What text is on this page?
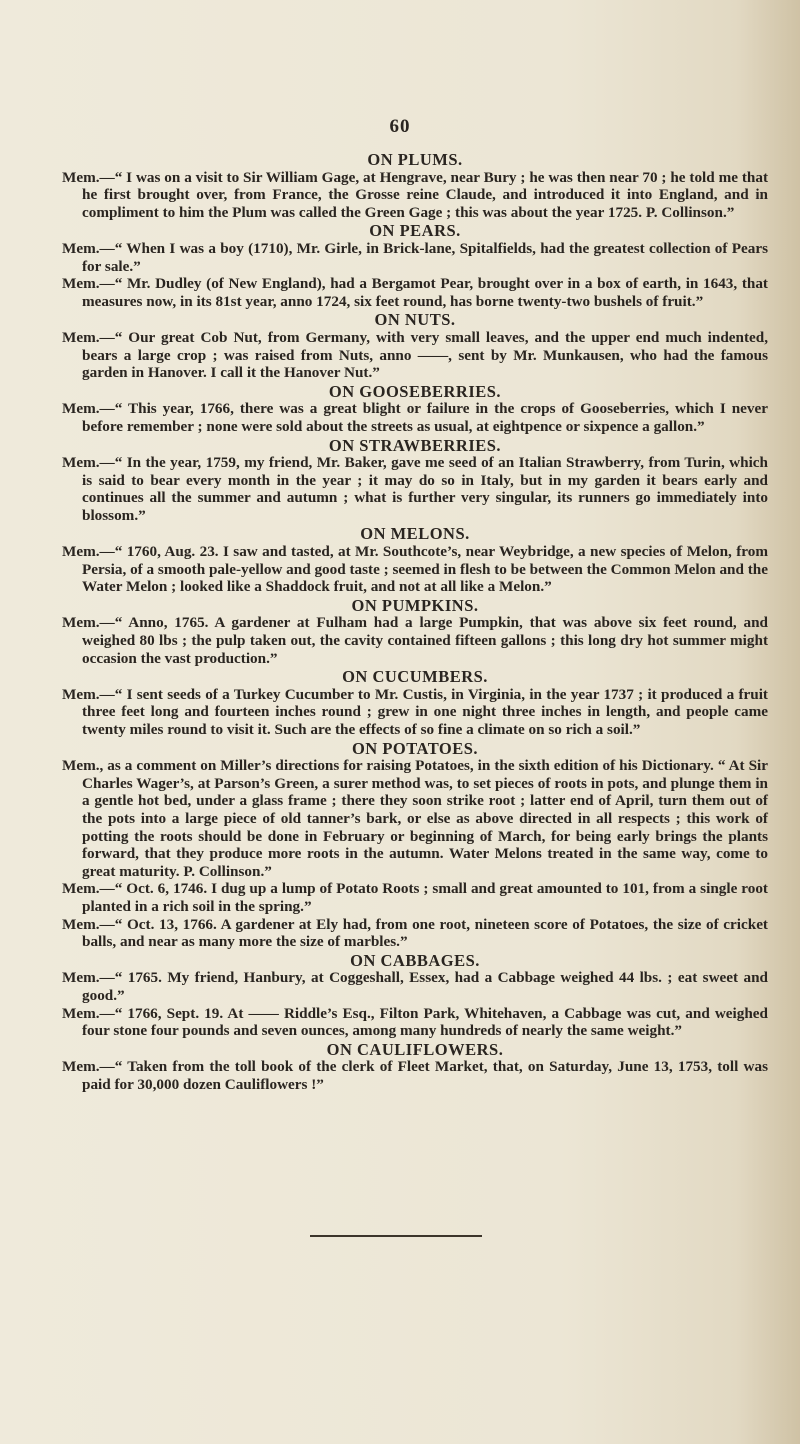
60
ON PLUMS.

Mem.—“ I was on a visit to Sir William Gage, at Hengrave, near Bury ; he was then near 70 ; he told me that he first brought over, from France, the Grosse reine Claude, and introduced it into England, and in compliment to him the Plum was called the Green Gage ; this was about the year 1725. P. Collinson.”

ON PEARS.

Mem.—“ When I was a boy (1710), Mr. Girle, in Brick-lane, Spitalfields, had the greatest collection of Pears for sale.”

Mem.—“ Mr. Dudley (of New England), had a Bergamot Pear, brought over in a box of earth, in 1643, that measures now, in its 81st year, anno 1724, six feet round, has borne twenty-two bushels of fruit.”

ON NUTS.

Mem.—“ Our great Cob Nut, from Germany, with very small leaves, and the upper end much indented, bears a large crop ; was raised from Nuts, anno ——, sent by Mr. Munkausen, who had the famous garden in Hanover. I call it the Hanover Nut.”

ON GOOSEBERRIES.

Mem.—“ This year, 1766, there was a great blight or failure in the crops of Gooseberries, which I never before remember ; none were sold about the streets as usual, at eightpence or sixpence a gallon.”

ON STRAWBERRIES.

Mem.—“ In the year, 1759, my friend, Mr. Baker, gave me seed of an Italian Strawberry, from Turin, which is said to bear every month in the year ; it may do so in Italy, but in my garden it bears early and continues all the summer and autumn ; what is further very singular, its runners go immediately into blossom.”

ON MELONS.

Mem.—“ 1760, Aug. 23. I saw and tasted, at Mr. Southcote’s, near Weybridge, a new species of Melon, from Persia, of a smooth pale-yellow and good taste ; seemed in flesh to be between the Common Melon and the Water Melon ; looked like a Shaddock fruit, and not at all like a Melon.”

ON PUMPKINS.

Mem.—“ Anno, 1765. A gardener at Fulham had a large Pumpkin, that was above six feet round, and weighed 80 lbs ; the pulp taken out, the cavity contained fifteen gallons ; this long dry hot summer might occasion the vast production.”

ON CUCUMBERS.

Mem.—“ I sent seeds of a Turkey Cucumber to Mr. Custis, in Virginia, in the year 1737 ; it produced a fruit three feet long and fourteen inches round ; grew in one night three inches in length, and people came twenty miles round to visit it. Such are the effects of so fine a climate on so rich a soil.”

ON POTATOES.

Mem., as a comment on Miller’s directions for raising Potatoes, in the sixth edition of his Dictionary. “ At Sir Charles Wager’s, at Parson’s Green, a surer method was, to set pieces of roots in pots, and plunge them in a gentle hot bed, under a glass frame ; there they soon strike root ; latter end of April, turn them out of the pots into a large piece of old tanner’s bark, or else as above directed in all respects ; this work of potting the roots should be done in February or beginning of March, for being early brings the plants forward, that they produce more roots in the autumn. Water Melons treated in the same way, come to great maturity. P. Collinson.”

Mem.—“ Oct. 6, 1746. I dug up a lump of Potato Roots ; small and great amounted to 101, from a single root planted in a rich soil in the spring.”

Mem.—“ Oct. 13, 1766. A gardener at Ely had, from one root, nineteen score of Potatoes, the size of cricket balls, and near as many more the size of marbles.”

ON CABBAGES.

Mem.—“ 1765. My friend, Hanbury, at Coggeshall, Essex, had a Cabbage weighed 44 lbs. ; eat sweet and good.”

Mem.—“ 1766, Sept. 19. At —— Riddle’s Esq., Filton Park, Whitehaven, a Cabbage was cut, and weighed four stone four pounds and seven ounces, among many hundreds of nearly the same weight.”

ON CAULIFLOWERS.

Mem.—“ Taken from the toll book of the clerk of Fleet Market, that, on Saturday, June 13, 1753, toll was paid for 30,000 dozen Cauliflowers !”
